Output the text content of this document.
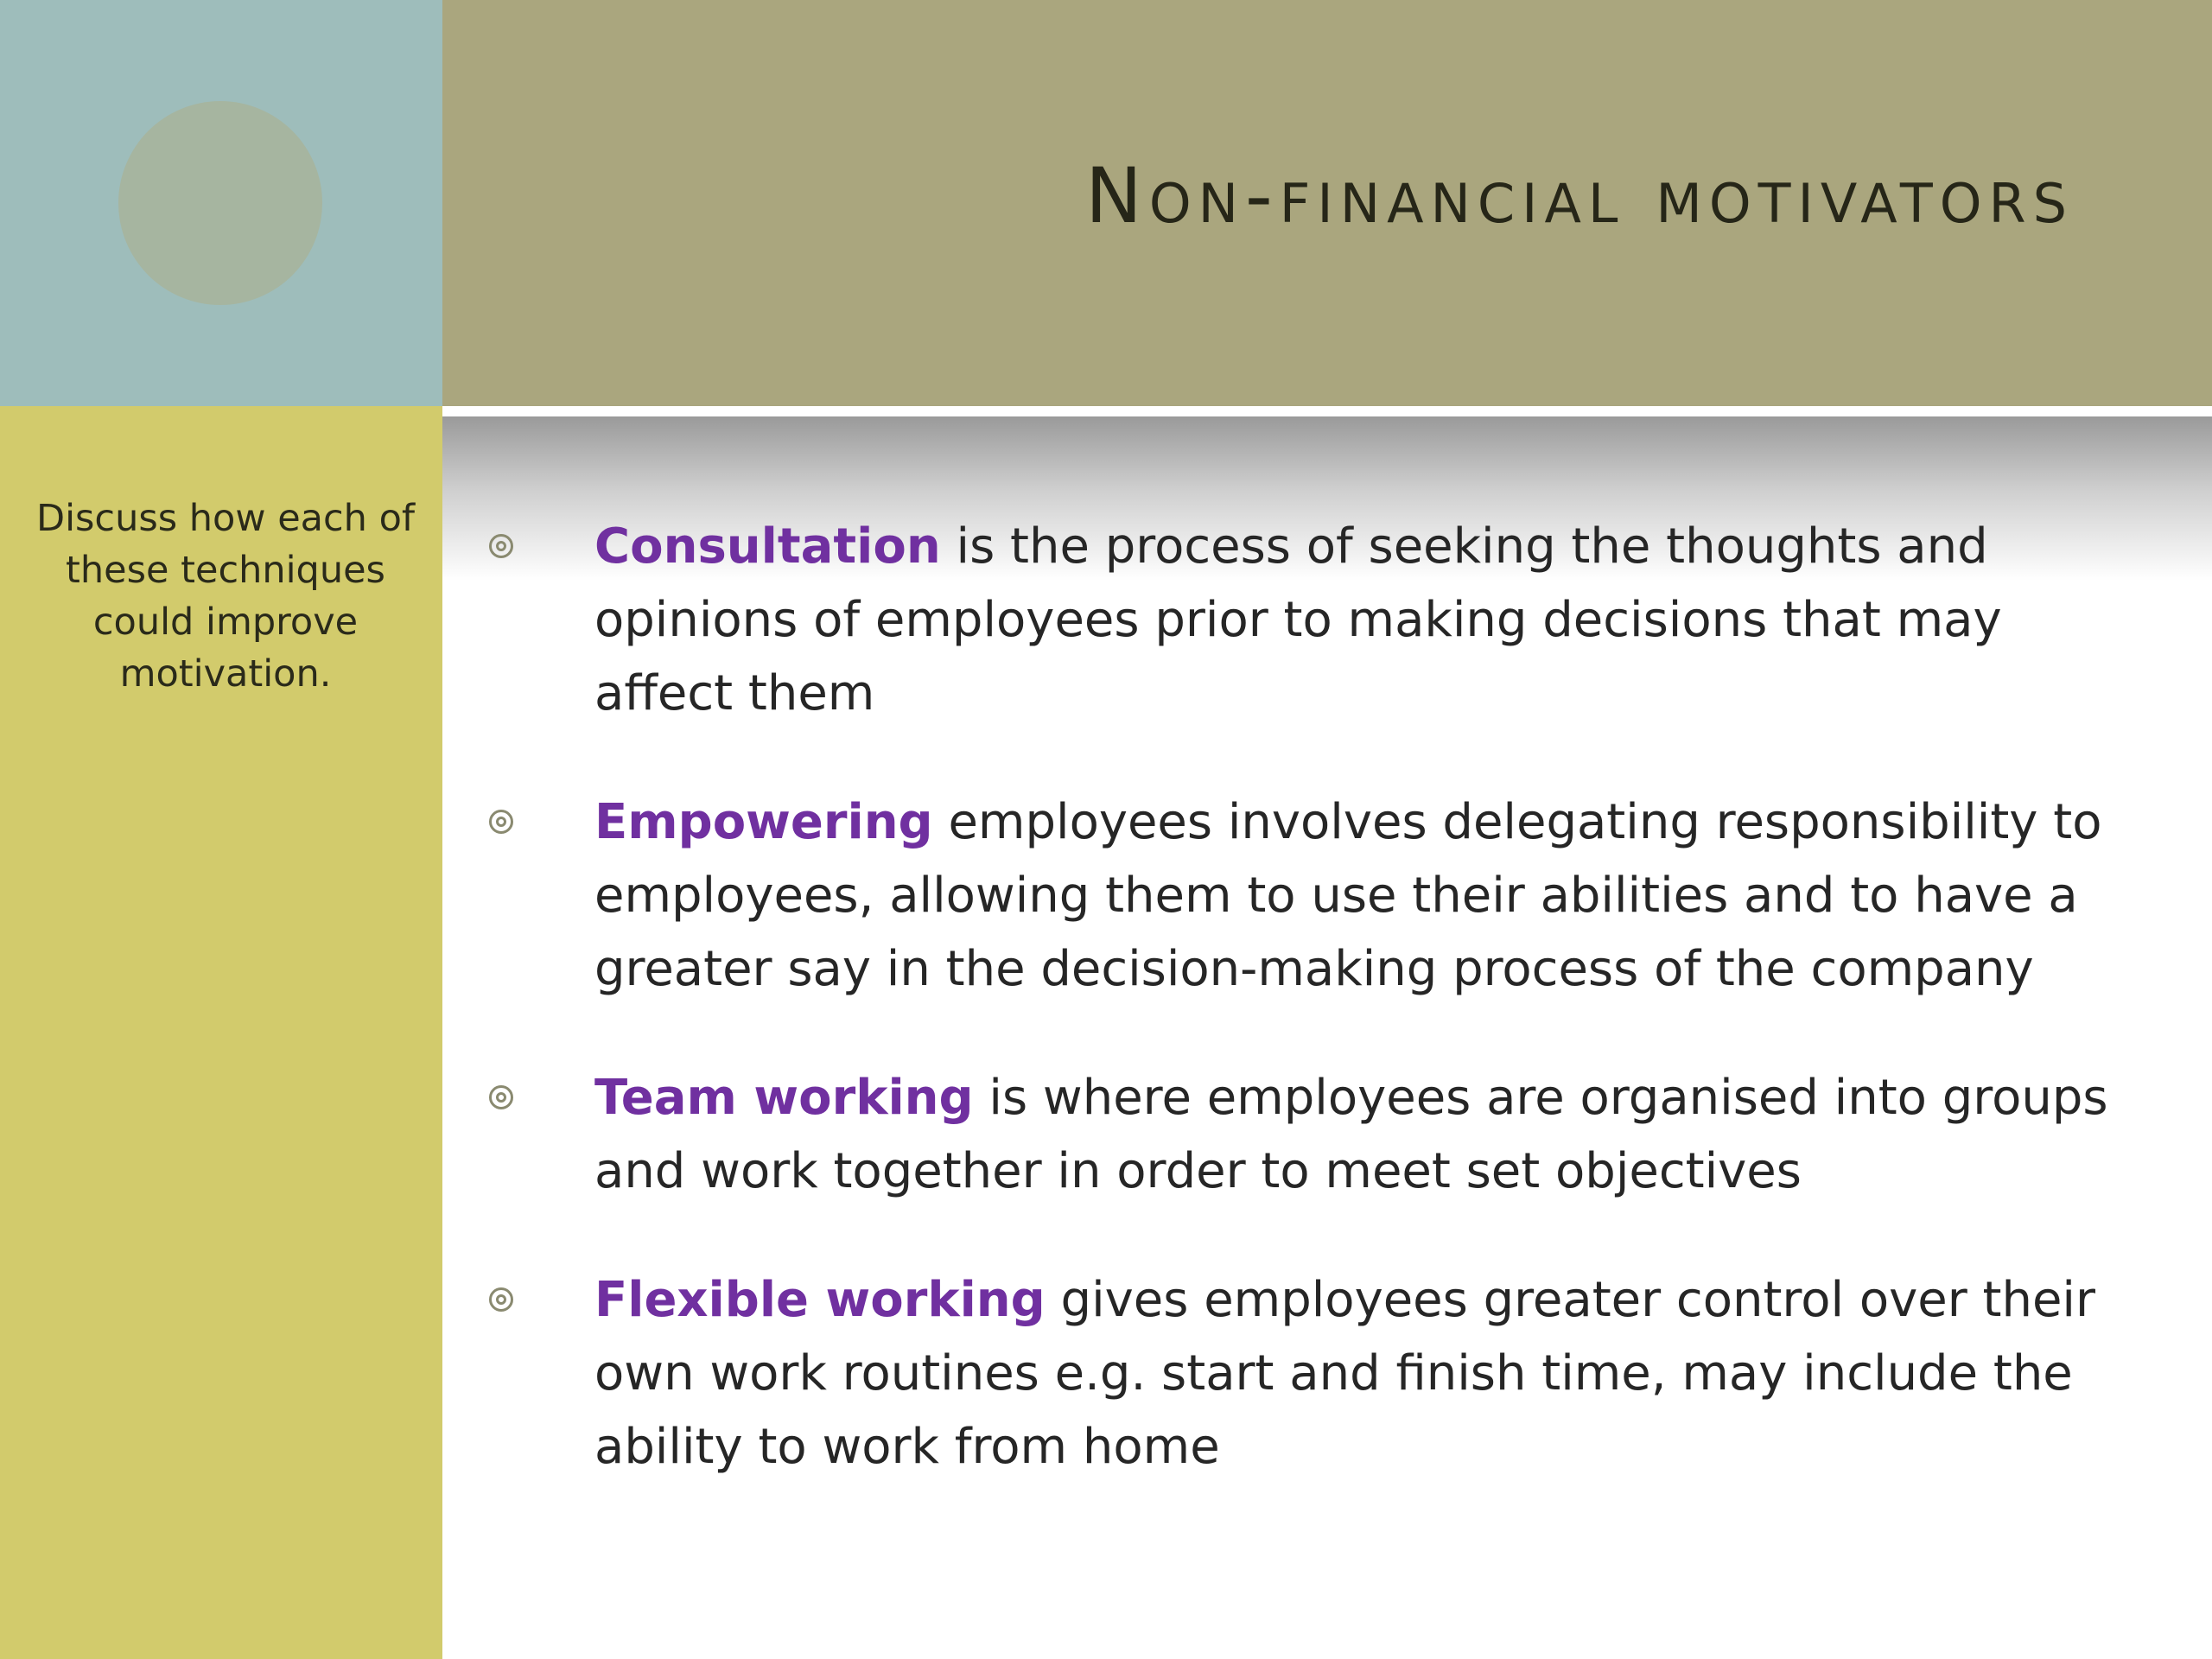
Non-financial motivators

Discuss how each of these techniques could improve motivation.

Consultation is the process of seeking the thoughts and opinions of employees prior to making decisions that may affect them
Empowering employees involves delegating responsibility to employees, allowing them to use their abilities and to have a greater say in the decision-making process of the company
Team working is where employees are organised into groups and work together in order to meet set objectives
Flexible working gives employees greater control over their own work routines e.g. start and finish time, may include the ability to work from home
